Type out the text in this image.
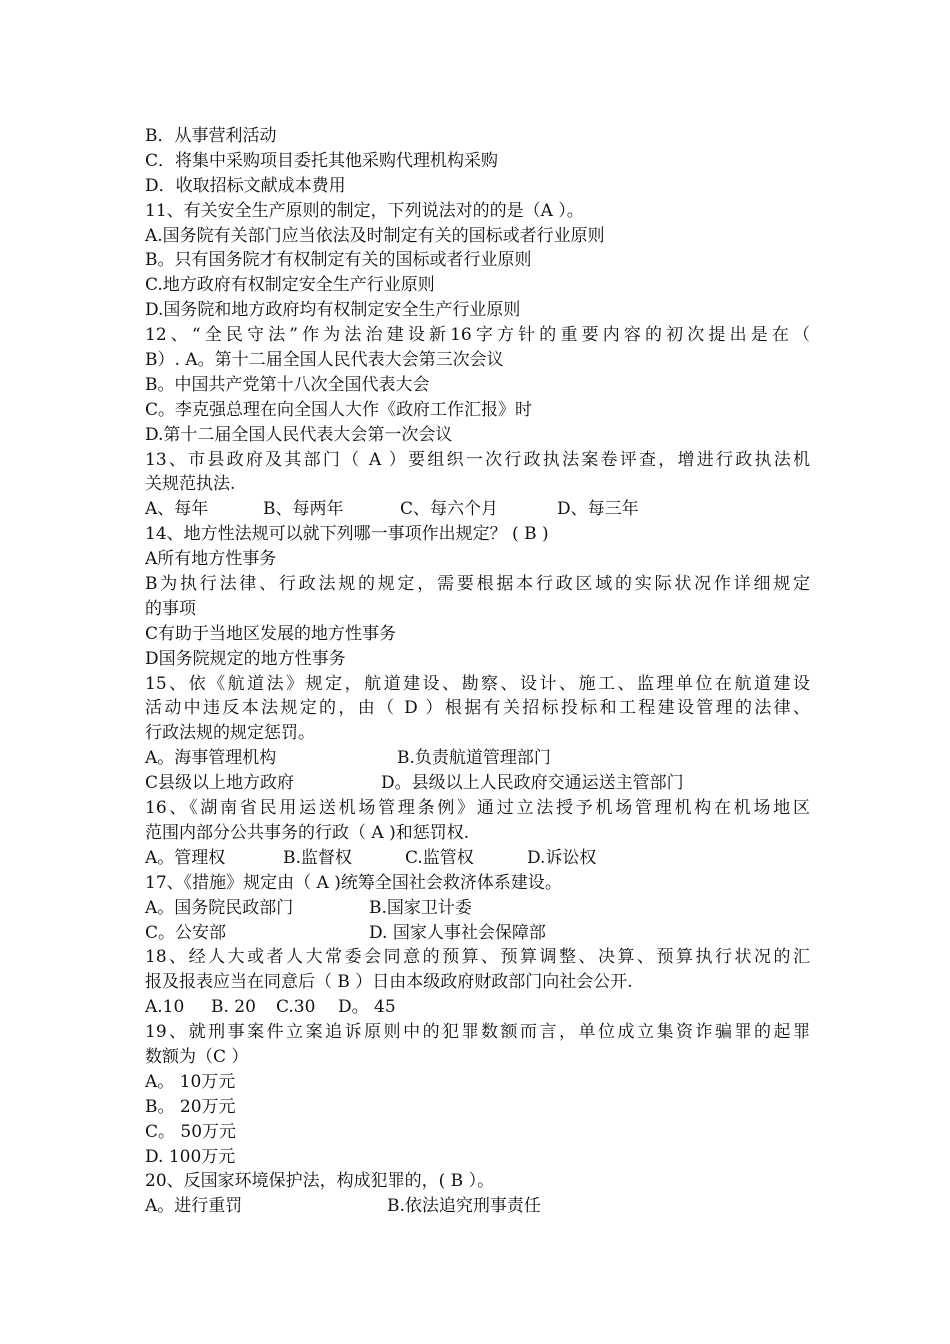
B．从事营利活动
C．将集中采购项目委托其他采购代理机构采购
D．收取招标文献成本费用
11、有关安全生产原则的制定，下列说法对的的是（A ）。
A.国务院有关部门应当依法及时制定有关的国标或者行业原则
B。只有国务院才有权制定有关的国标或者行业原则
C.地方政府有权制定安全生产行业原则
D.国务院和地方政府均有权制定安全生产行业原则
12、“全民守法”作为法治建设新16字方针的重要内容的初次提出是在（
B）. A。第十二届全国人民代表大会第三次会议
B。中国共产党第十八次全国代表大会
C。李克强总理在向全国人大作《政府工作汇报》时
D.第十二届全国人民代表大会第一次会议
13、市县政府及其部门（ A ）要组织一次行政执法案卷评查，增进行政执法机
关规范执法.
A、每年	B、每两年	C、每六个月	D、每三年
14、地方性法规可以就下列哪一事项作出规定？ ( B )
A所有地方性事务
B为执行法律、行政法规的规定，需要根据本行政区域的实际状况作详细规定
的事项
C有助于当地区发展的地方性事务
D国务院规定的地方性事务
15、依《航道法》规定，航道建设、勘察、设计、施工、监理单位在航道建设
活动中违反本法规定的，由（ D ）根据有关招标投标和工程建设管理的法律、
行政法规的规定惩罚。
A。海事管理机构	B.负责航道管理部门
C县级以上地方政府	D。县级以上人民政府交通运送主管部门
16、《湖南省民用运送机场管理条例》通过立法授予机场管理机构在机场地区
范围内部分公共事务的行政（ A )和惩罚权.
A。管理权	B.监督权	C.监管权	D.诉讼权
17、《措施》规定由（ A )统筹全国社会救济体系建设。
A。国务院民政部门	B.国家卫计委
C。公安部	D. 国家人事社会保障部
18、经人大或者人大常委会同意的预算、预算调整、决算、预算执行状况的汇
报及报表应当在同意后（ B ）日由本级政府财政部门向社会公开.
A.10	B. 20	C.30	D。 45
19、就刑事案件立案追诉原则中的犯罪数额而言，单位成立集资诈骗罪的起罪
数额为（C ）
A。 10万元
B。 20万元
C。 50万元
D. 100万元
20、反国家环境保护法，构成犯罪的，( B ）。
A。进行重罚	B.依法追究刑事责任
